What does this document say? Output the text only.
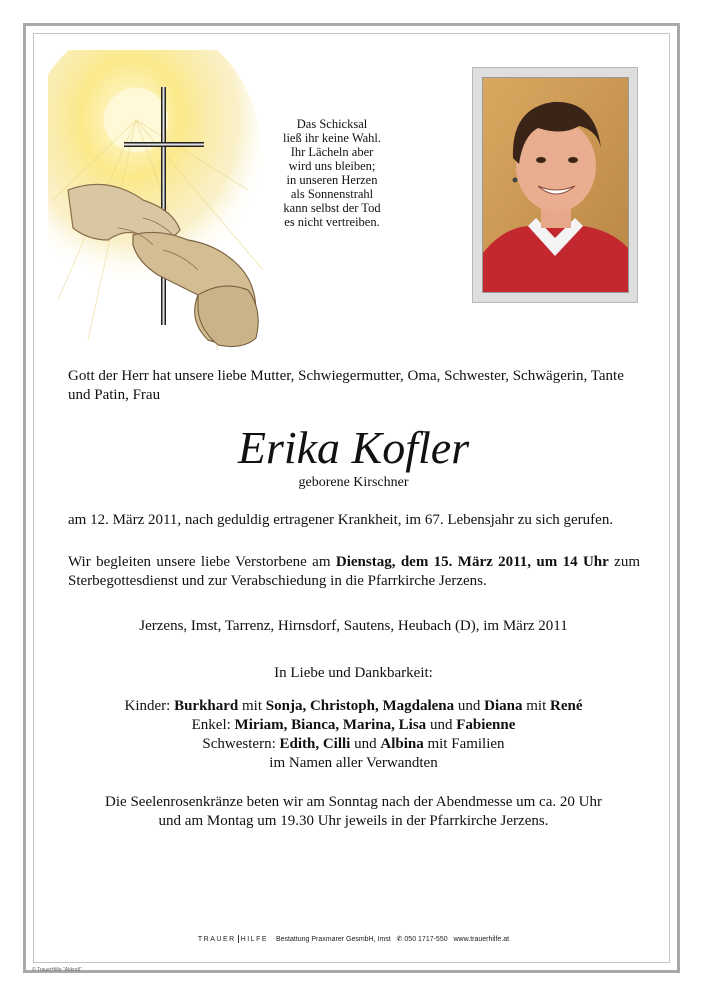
Das Schicksal
ließ ihr keine Wahl.
Ihr Lächeln aber
wird uns bleiben;
in unseren Herzen
als Sonnenstrahl
kann selbst der Tod
es nicht vertreiben.
Gott der Herr hat unsere liebe Mutter, Schwiegermutter, Oma, Schwester, Schwägerin, Tante und Patin, Frau
Erika Kofler
geborene Kirschner
am 12. März 2011, nach geduldig ertragener Krankheit, im 67. Lebensjahr zu sich gerufen.
Wir begleiten unsere liebe Verstorbene am Dienstag, dem 15. März 2011, um 14 Uhr zum Sterbegottesdienst und zur Verabschiedung in die Pfarrkirche Jerzens.
Jerzens, Imst, Tarrenz, Hirnsdorf, Sautens, Heubach (D), im März 2011
In Liebe und Dankbarkeit:
Kinder: Burkhard mit Sonja, Christoph, Magdalena und Diana mit René
Enkel: Miriam, Bianca, Marina, Lisa und Fabienne
Schwestern: Edith, Cilli und Albina mit Familien
im Namen aller Verwandten
Die Seelenrosenkränze beten wir am Sonntag nach der Abendmesse um ca. 20 Uhr
und am Montag um 19.30 Uhr jeweils in der Pfarrkirche Jerzens.
TRAUER HILFE Bestattung Praxmarer GesmbH, Imst ✆ 050 1717-550 www.trauerhilfe.at
© TrauerHilfe "Abkndl"
